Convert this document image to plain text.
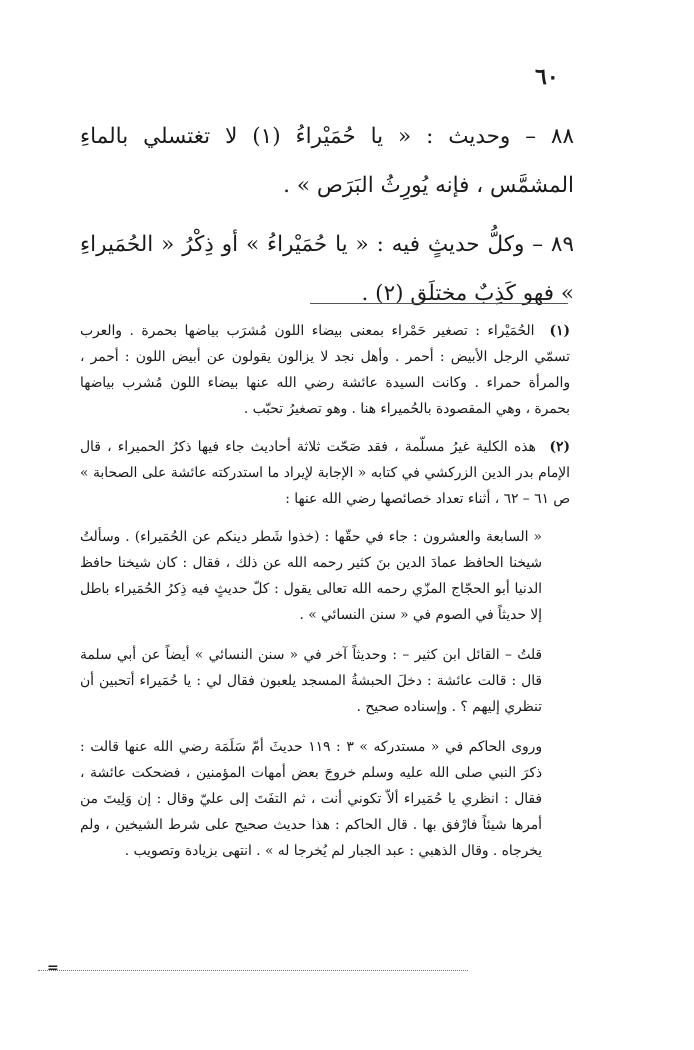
٦٠

٨٨ – وحديث : « يا حُمَيْراءُ (١) لا تغتسلي بالماءِ المشمَّس ، فإنه يُورِثُ البَرَص » .

٨٩ – وكلُّ حديثٍ فيه : « يا حُمَيْراءُ » أو ذِكْرُ « الحُمَيراءِ » فهو كَذِبٌ مختلَق (٢) .

(١) الحُمَيْراء : تصغير حَمْراء بمعنى بيضاء اللون مُشرَب بياضها بحمرة . والعرب تسمّي الرجل الأبيض : أحمر . وأهل نجد لا يزالون يقولون عن أبيض اللون : أحمر ، والمرأة حمراء . وكانت السيدة عائشة رضي الله عنها بيضاء اللون مُشرب بياضها بحمرة ، وهي المقصودة بالحُميراء هنا . وهو تصغيرُ تحبّب .
(٢) هذه الكلية غيرُ مسلّمة ، فقد صَحّت ثلاثة أحاديث جاء فيها ذكرُ الحميراء ، قال الإمام بدر الدين الزركشي في كتابه « الإجابة لإيراد ما استدركته عائشة على الصحابة » ص ٦١ – ٦٢ ، أثناء تعداد خصائصها رضي الله عنها :

« السابعة والعشرون : جاء في حقّها : (خذوا شَطر دينكم عن الحُمَيراء) . وسألتُ شيخنا الحافظ عمادَ الدين بنَ كثير رحمه الله عن ذلك ، فقال : كان شيخنا حافظ الدنيا أبو الحجّاج المزّي رحمه الله تعالى يقول : كلّ حديثٍ فيه ذِكرُ الحُمَيراء باطل إلا حديثاً في الصوم في « سنن النسائي » .

قلتُ – القائل ابن كثير – : وحديثاً آخر في « سنن النسائي » أيضاً عن أبي سلمة قال : قالت عائشة : دخلَ الحبشةُ المسجد يلعبون فقال لي : يا حُمَيراء أتحبين أن تنظري إليهم ؟ . وإسناده صحيح .

وروى الحاكم في « مستدركه » ٣ : ١١٩ حديثَ أمّ سَلَمَة رضي الله عنها قالت : ذكرَ النبي صلى الله عليه وسلم خروجَ بعض أمهات المؤمنين ، فضحكت عائشة ، فقال : انظري يا حُمَيراء ألاّ تكوني أنت ، ثم التفَتَ إلى عليّ وقال : إن وَلِيتَ من أمرها شيئاً فارْفق بها . قال الحاكم : هذا حديث صحيح على شرط الشيخين ، ولم يخرجاه . وقال الذهبي : عبد الجبار لم يُخرجا له » . انتهى بزيادة وتصويب .

=
